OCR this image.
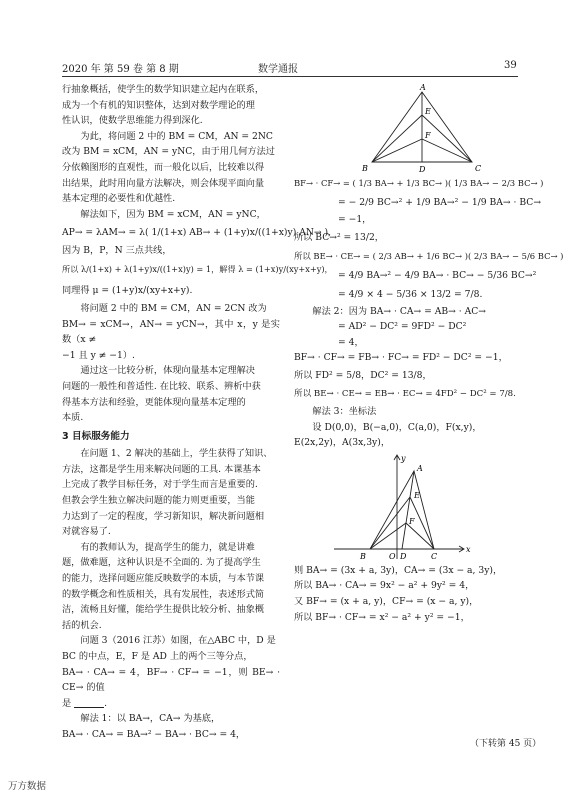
2020 年 第 59 卷 第 8 期	数学通报	39

行抽象概括，使学生的数学知识建立起内在联系，

成为一个有机的知识整体，达到对数学理论的理

性认识，使数学思维能力得到深化.

为此，将问题 2 中的 BM = CM，AN = 2NC

改为 BM = xCM，AN = yNC，由于用几何方法过

分依赖图形的直观性，而一般化以后，比较难以得

出结果，此时用向量方法解决，则会体现平面向量

基本定理的必要性和优越性.

解法如下，因为 BM = xCM，AN = yNC，

AP→ = λAM→ = λ( 1/(1+x) AB→ + (1+y)x/((1+x)y) AN→ ),

因为 B，P，N 三点共线，

所以 λ/(1+x) + λ(1+y)x/((1+x)y) = 1，解得 λ = (1+x)y/(xy+x+y)，

同理得 μ = (1+y)x/(xy+x+y).

将问题 2 中的 BM = CM，AN = 2CN 改为

BM→ = xCM→，AN→ = yCN→，其中 x，y 是实数（x ≠

−1 且 y ≠ −1）.

通过这一比较分析，体现向量基本定理解决

问题的一般性和普适性. 在比较、联系、辨析中获

得基本方法和经验，更能体现向量基本定理的

本质.

3 目标服务能力

在问题 1、2 解决的基础上，学生获得了知识、

方法，这都是学生用来解决问题的工具. 本课基本

上完成了教学目标任务，对于学生而言是重要的.

但教会学生独立解决问题的能力则更重要，当能

力达到了一定的程度，学习新知识，解决新问题相

对就容易了.

有的教师认为，提高学生的能力，就是讲难

题，做难题，这种认识是不全面的. 为了提高学生

的能力，选择问题应能反映数学的本质，与本节课

的数学概念和性质相关，具有发展性，表述形式简

洁，流畅且好懂，能给学生提供比较分析、抽象概

括的机会.

问题 3（2016 江苏）如图，在△ABC 中，D 是

BC 的中点，E，F 是 AD 上的两个三等分点，

BA→ · CA→ = 4，BF→ · CF→ = −1，则 BE→ · CE→ 的值

是	.

解法 1：以 BA→，CA→ 为基底，

BA→ · CA→ = BA→² − BA→ · BC→ = 4，

A
E
F
B	D	C

BF→ · CF→ = ( 1/3 BA→ + 1/3 BC→ )( 1/3 BA→ − 2/3 BC→ )

= − 2/9 BC→² + 1/9 BA→² − 1/9 BA→ · BC→

= −1，

所以 BC→² = 13/2，

所以 BE→ · CE→ = ( 2/3 AB→ + 1/6 BC→ )( 2/3 BA→ − 5/6 BC→ )

= 4/9 BA→² − 4/9 BA→ · BC→ − 5/36 BC→²

= 4/9 × 4 − 5/36 × 13/2 = 7/8.

解法 2：因为 BA→ · CA→ = AB→ · AC→

= AD² − DC² = 9FD² − DC²

= 4，

BF→ · CF→ = FB→ · FC→ = FD² − DC² = −1，

所以 FD² = 5/8，DC² = 13/8，

所以 BE→ · CE→ = EB→ · EC→ = 4FD² − DC² = 7/8.

解法 3：坐标法

设 D(0,0)，B(−a,0)，C(a,0)，F(x,y)，

E(2x,2y)，A(3x,3y)，

y
A
E
F
B	O D	C
x

则 BA→ = (3x + a, 3y)，CA→ = (3x − a, 3y)，

所以 BA→ · CA→ = 9x² − a² + 9y² = 4，

又 BF→ = (x + a, y)，CF→ = (x − a, y)，

所以 BF→ · CF→ = x² − a² + y² = −1，

（下转第 45 页）
万方数据
